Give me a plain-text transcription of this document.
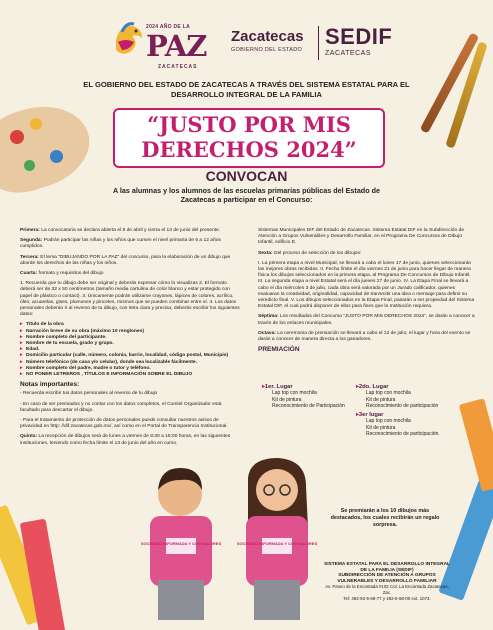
2024 AÑO DE LA
PAZ
ZACATECAS
Zacatecas
GOBIERNO DEL ESTADO
SEDIF
ZACATECAS
EL GOBIERNO DEL ESTADO DE ZACATECAS A TRAVÉS DEL SISTEMA ESTATAL PARA EL DESARROLLO INTEGRAL DE LA FAMILIA
“JUSTO POR MIS
DERECHOS 2024”
CONVOCAN
A las alumnas y los alumnos de las escuelas primarias públicas del Estado de Zacatecas a participar en el Concurso:

Primera: La convocatoria se declara abierta el 8 de abril y cierra el 13 de junio del presente.

Segunda: Podrán participar las niñas y los niños que cursen el nivel primaria de 6 a 12 años cumplidos.

Tercera: El tema “DIBUJANDO POR LA PAZ” del concurso, para la elaboración de un dibujo que aborde los derechos de las niñas y los niños.

Cuarta: formato y requisitos del dibujo

1. Recuerda que tu dibujo debe ser original y deberás expresar cómo lo visualizas 2. El formato deberá ser de 32 x 50 centímetros (tamaño media cartulina de color blanco y estar protegido con papel de plástico o contact). 3. Únicamente podrán utilizarse crayones, lápices de colores, acrílico, óleo, acuarelas, gises, plumones y pinceles, mismos que se pueden combinar entre sí. 4. Los datos personales deberán ir al reverso de tu dibujo, con letra clara y precisa, deberás escribir los siguientes datos:

▸ Título de la obra
▸ Narración breve de su obra (máximo 10 renglones)
▸ Nombre completo del participante.
▸ Nombre de tu escuela, grado y grupo.
▸ Edad.
▸ Domicilio particular (calle, número, colonia, barrio, localidad, código postal, Municipio)
▸ Número telefónico (de casa y/o celular), donde sea localizable fácilmente.
▸ Nombre completo del padre, madre o tutor y teléfono.
▸ NO PONER LETREROS , TÍTULOS E INFORMACIÓN SOBRE EL DIBUJO
Notas importantes:

- Recuerda escribir tus datos personales al reverso de tu dibujo

- En caso de ser premiados y no contar con los datos completos, el Comité Organizador está facultado para descartar el dibujo.

- Para el tratamiento de protección de datos personales puede consultar nuestros avisos de privacidad en http: //dif.zacatecas.gob.mx/, así como en el Portal de Transparencia Institucional.

Quinta: La recepción de dibujos será de lunes a viernes de 8:30 a 15:00 horas, en las siguientes instituciones, teniendo como fecha límite el 13 de junio del año en curso.

Sistemas Municipales DIF del Estado de Zacatecas. Sistema Estatal DIF en la Subdirección de Atención a Grupos Vulnerables y Desarrollo Familiar, en el Programa De Concursos de Dibujo Infantil, edificio E.

Sexta: Del proceso de selección de los dibujos:

I. La primera etapa a nivel Municipal, se llevará a cabo el lunes 17 de junio, quienes seleccionarán las mejores obras recibidas. II. Fecha límite el día viernes 21 de junio para hacer llegar de manera física los dibujos seleccionados en la primera etapa, al Programa De Concursos de Dibujo Infantil. III. La segunda etapa a nivel Estatal será el día jueves 27 de junio. IV. La Etapa Final se llevará a cabo el día miércoles 3 de julio, cada obra será valorada por un Jurado calificador, quienes evaluaran la creatividad, originalidad, capacidad de transmitir una idea o mensaje para definir su veredicto final. V. Los dibujos seleccionados en la Etapa Final, pasarán a ser propiedad del Sistema Estatal DIF, el cual podrá disponer de ellos para fines que la Institución requiera.

Séptima: Los resultados del Concurso “JUSTO POR MIS DERECHOS 2024”, se darán a conocer a través de los enlaces municipales.

Octava: La ceremonia de premiación se llevará a cabo el 12 de julio; el lugar y hora del evento se darán a conocer de manera directa a los ganadores.

PREMIACIÓN
▸ 1er. Lugar
Lap top con mochila
Kit de pintura
Reconocimiento de Participación
▸ 2do. Lugar
Lap top con mochila
Kit de pintura
Reconocimiento de participación
▸ 3er lugar
Lap top con mochila
Kit de pintura
Reconocimiento de participación.
SOCIEDAD INFORMADA Y CON VALORES	SOCIEDAD INFORMADA Y CON VALORES
Se premiarán a los 10 dibujos más destacados, los cuales recibirán un regalo sorpresa.
SISTEMA ESTATAL PARA EL DESARROLLO INTEGRAL DE LA FAMILIA (SEDIF)
SUBDIRECCIÓN DE ATENCIÓN A GRUPOS VULNERABLES Y DESARROLLO FAMILIAR
Av. Paseo de la Encantada #102 Col. La Encantada Zacatecas, Zac.
Tel: 492-92-5-68-77 y 492-5-68-00 ext. 1073.
